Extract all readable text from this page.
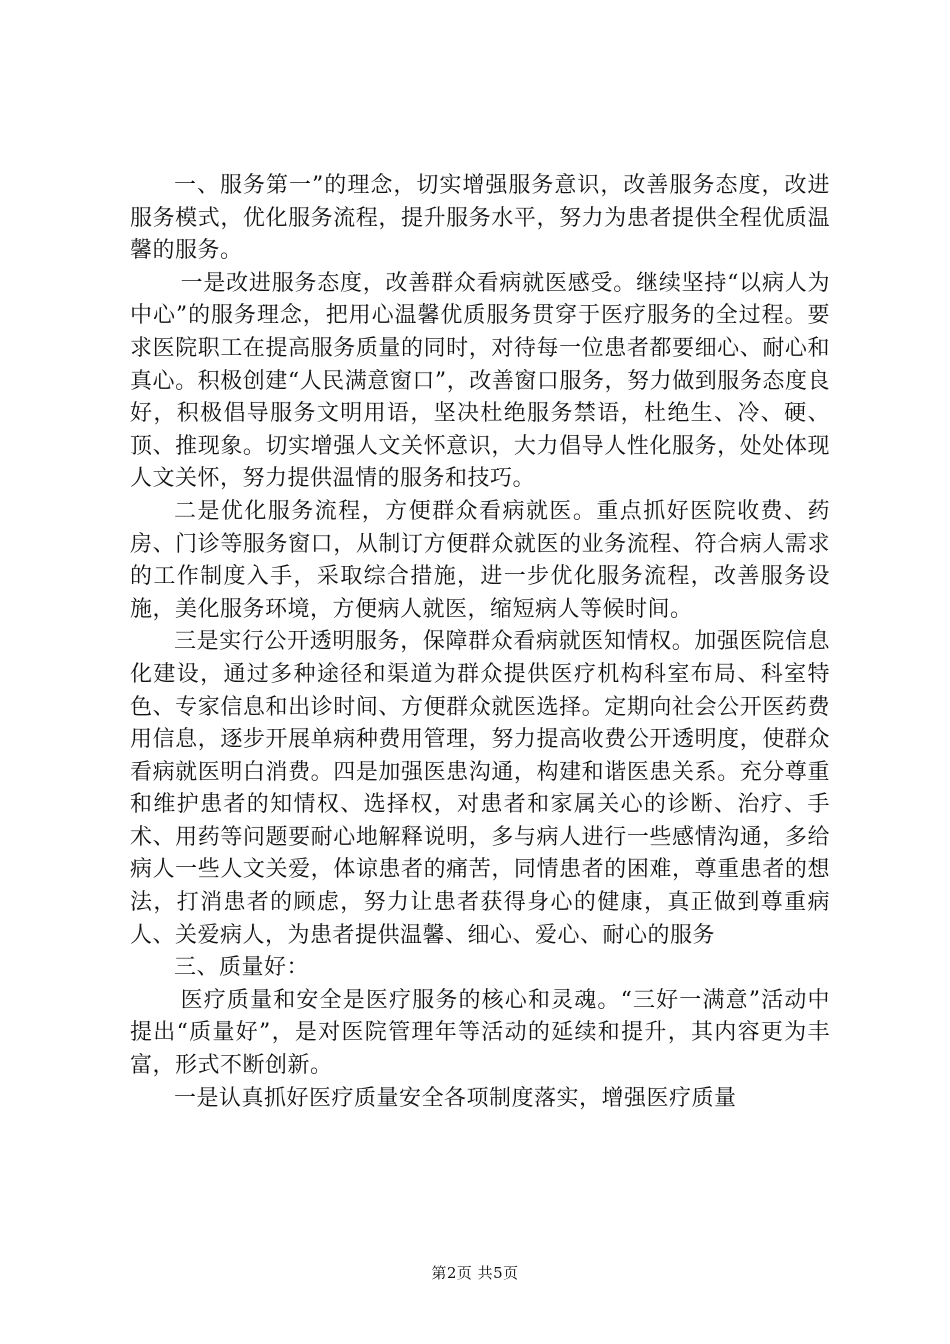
一、服务第一”的理念，切实增强服务意识，改善服务态度，改进服务模式，优化服务流程，提升服务水平，努力为患者提供全程优质温馨的服务。

一是改进服务态度，改善群众看病就医感受。继续坚持“以病人为中心”的服务理念，把用心温馨优质服务贯穿于医疗服务的全过程。要求医院职工在提高服务质量的同时，对待每一位患者都要细心、耐心和真心。积极创建“人民满意窗口”，改善窗口服务，努力做到服务态度良好，积极倡导服务文明用语，坚决杜绝服务禁语，杜绝生、冷、硬、顶、推现象。切实增强人文关怀意识，大力倡导人性化服务，处处体现人文关怀，努力提供温情的服务和技巧。

二是优化服务流程，方便群众看病就医。重点抓好医院收费、药房、门诊等服务窗口，从制订方便群众就医的业务流程、符合病人需求的工作制度入手，采取综合措施，进一步优化服务流程，改善服务设施，美化服务环境，方便病人就医，缩短病人等候时间。

三是实行公开透明服务，保障群众看病就医知情权。加强医院信息化建设，通过多种途径和渠道为群众提供医疗机构科室布局、科室特色、专家信息和出诊时间、方便群众就医选择。定期向社会公开医药费用信息，逐步开展单病种费用管理，努力提高收费公开透明度，使群众看病就医明白消费。四是加强医患沟通，构建和谐医患关系。充分尊重和维护患者的知情权、选择权，对患者和家属关心的诊断、治疗、手术、用药等问题要耐心地解释说明，多与病人进行一些感情沟通，多给病人一些人文关爱，体谅患者的痛苦，同情患者的困难，尊重患者的想法，打消患者的顾虑，努力让患者获得身心的健康，真正做到尊重病人、关爱病人，为患者提供温馨、细心、爱心、耐心的服务

三、质量好：

医疗质量和安全是医疗服务的核心和灵魂。“三好一满意”活动中提出“质量好”，是对医院管理年等活动的延续和提升，其内容更为丰富，形式不断创新。

一是认真抓好医疗质量安全各项制度落实，增强医疗质量

第2页 共5页
